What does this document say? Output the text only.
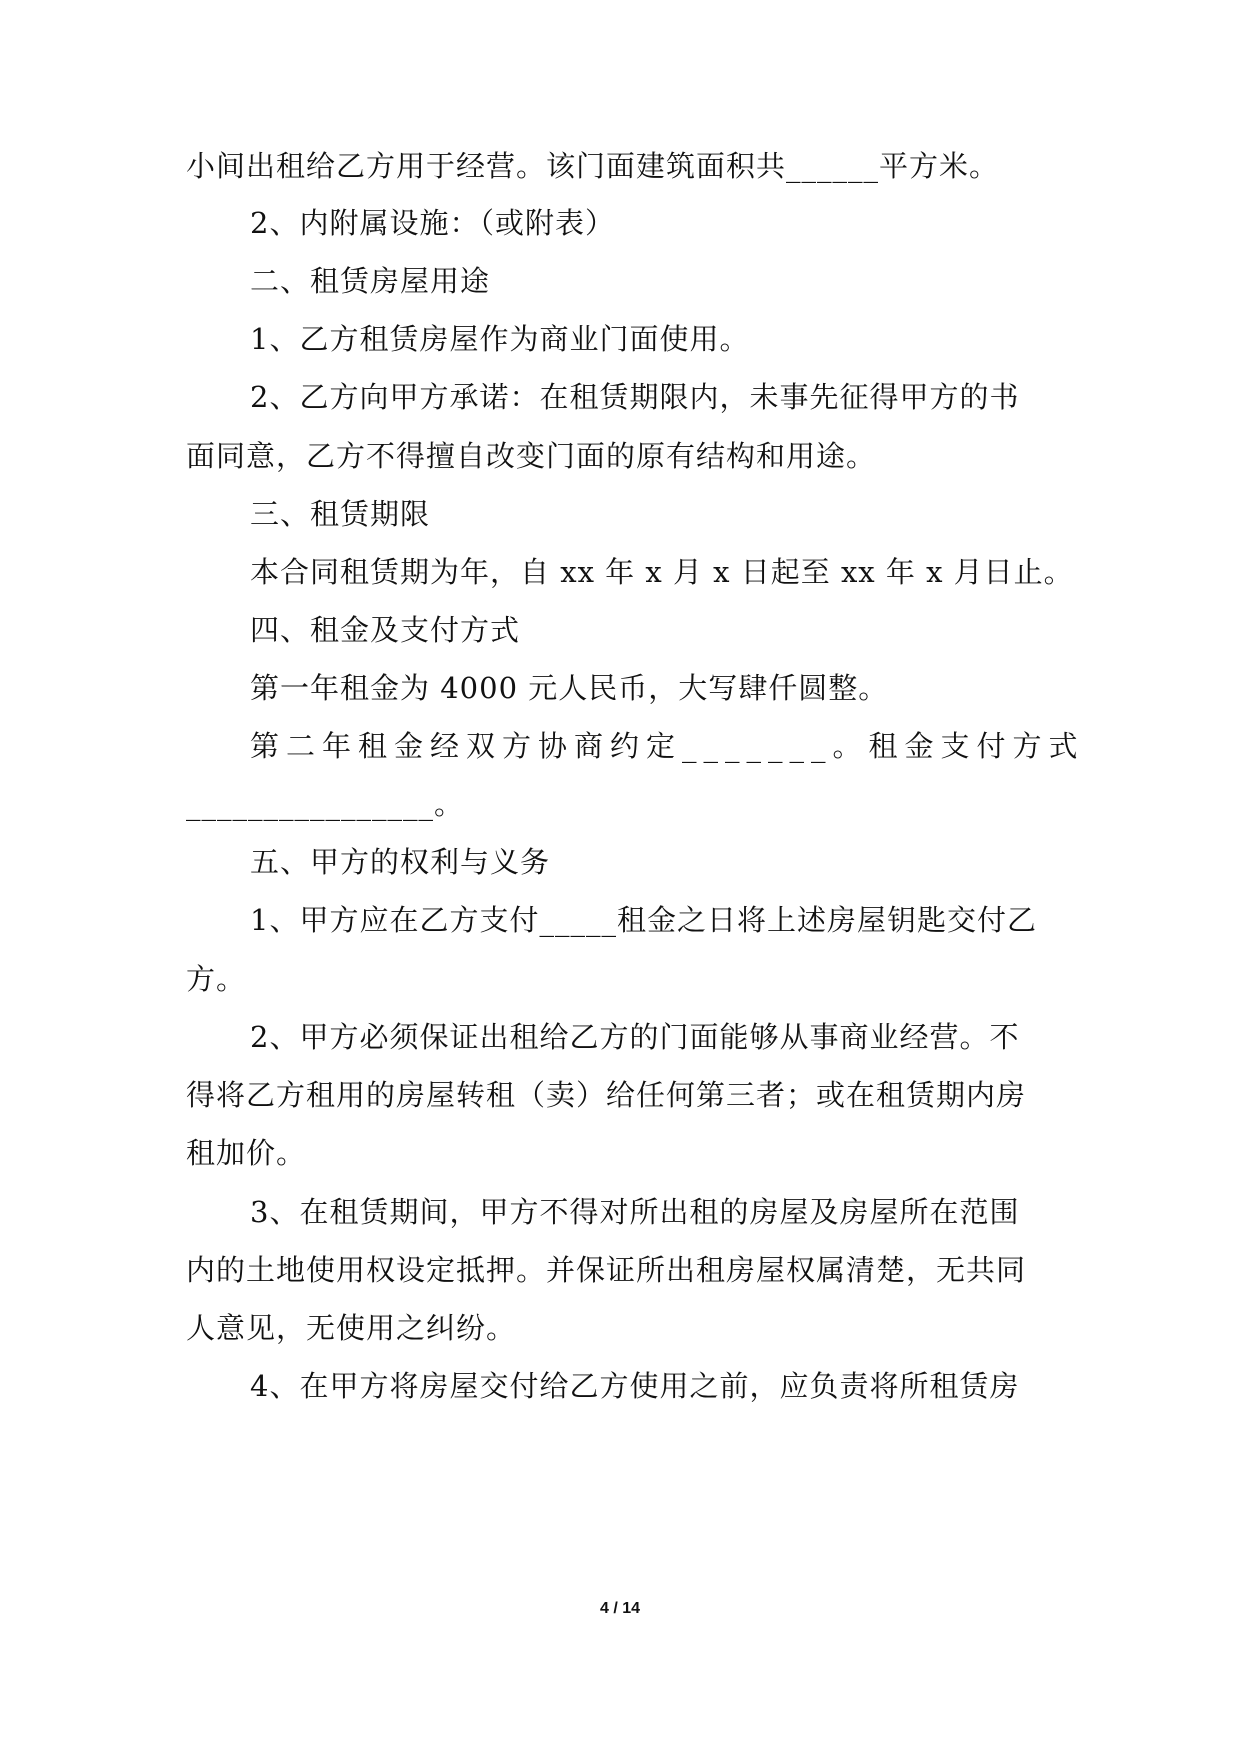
小间出租给乙方用于经营。该门面建筑面积共______平方米。
2、内附属设施：（或附表）
二、租赁房屋用途
1、乙方租赁房屋作为商业门面使用。
2、乙方向甲方承诺：在租赁期限内，未事先征得甲方的书
面同意，乙方不得擅自改变门面的原有结构和用途。
三、租赁期限
本合同租赁期为年，自 xx 年 x 月 x 日起至 xx 年 x 月日止。
四、租金及支付方式
第一年租金为 4000 元人民币，大写肆仟圆整。
第二年租金经双方协商约定_______。租金支付方式
________________。
五、甲方的权利与义务
1、甲方应在乙方支付_____租金之日将上述房屋钥匙交付乙
方。
2、甲方必须保证出租给乙方的门面能够从事商业经营。不
得将乙方租用的房屋转租（卖）给任何第三者；或在租赁期内房
租加价。
3、在租赁期间，甲方不得对所出租的房屋及房屋所在范围
内的土地使用权设定抵押。并保证所出租房屋权属清楚，无共同
人意见，无使用之纠纷。
4、在甲方将房屋交付给乙方使用之前，应负责将所租赁房
4 / 14
